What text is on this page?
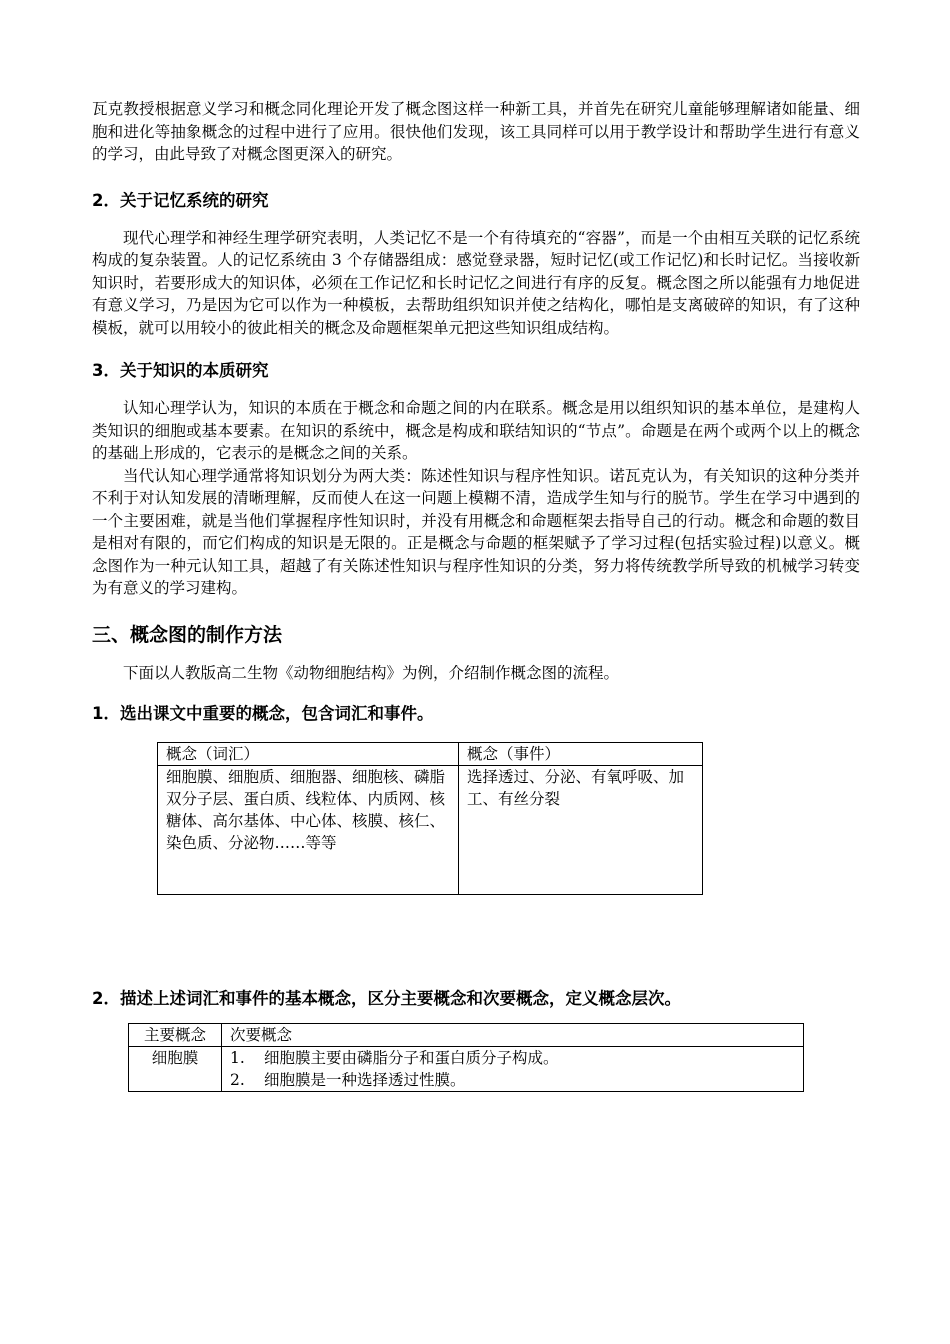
瓦克教授根据意义学习和概念同化理论开发了概念图这样一种新工具，并首先在研究儿童能够理解诸如能量、细胞和进化等抽象概念的过程中进行了应用。很快他们发现，该工具同样可以用于教学设计和帮助学生进行有意义的学习，由此导致了对概念图更深入的研究。

2．关于记忆系统的研究

现代心理学和神经生理学研究表明，人类记忆不是一个有待填充的“容器”，而是一个由相互关联的记忆系统构成的复杂装置。人的记忆系统由 3 个存储器组成：感觉登录器，短时记忆(或工作记忆)和长时记忆。当接收新知识时，若要形成大的知识体，必须在工作记忆和长时记忆之间进行有序的反复。概念图之所以能强有力地促进有意义学习，乃是因为它可以作为一种模板，去帮助组织知识并使之结构化，哪怕是支离破碎的知识，有了这种模板，就可以用较小的彼此相关的概念及命题框架单元把这些知识组成结构。

3．关于知识的本质研究

认知心理学认为，知识的本质在于概念和命题之间的内在联系。概念是用以组织知识的基本单位，是建构人类知识的细胞或基本要素。在知识的系统中，概念是构成和联结知识的“节点”。命题是在两个或两个以上的概念的基础上形成的，它表示的是概念之间的关系。

当代认知心理学通常将知识划分为两大类：陈述性知识与程序性知识。诺瓦克认为，有关知识的这种分类并不利于对认知发展的清晰理解，反而使人在这一问题上模糊不清，造成学生知与行的脱节。学生在学习中遇到的一个主要困难，就是当他们掌握程序性知识时，并没有用概念和命题框架去指导自己的行动。概念和命题的数目是相对有限的，而它们构成的知识是无限的。正是概念与命题的框架赋予了学习过程(包括实验过程)以意义。概念图作为一种元认知工具，超越了有关陈述性知识与程序性知识的分类，努力将传统教学所导致的机械学习转变为有意义的学习建构。

三、概念图的制作方法

下面以人教版高二生物《动物细胞结构》为例，介绍制作概念图的流程。

1．选出课文中重要的概念，包含词汇和事件。
概念（词汇）	概念（事件）
细胞膜、细胞质、细胞器、细胞核、磷脂双分子层、蛋白质、线粒体、内质网、核糖体、高尔基体、中心体、核膜、核仁、染色质、分泌物……等等	选择透过、分泌、有氧呼吸、加工、有丝分裂
2．描述上述词汇和事件的基本概念，区分主要概念和次要概念，定义概念层次。
主要概念	次要概念
细胞膜	1. 细胞膜主要由磷脂分子和蛋白质分子构成。
2. 细胞膜是一种选择透过性膜。
